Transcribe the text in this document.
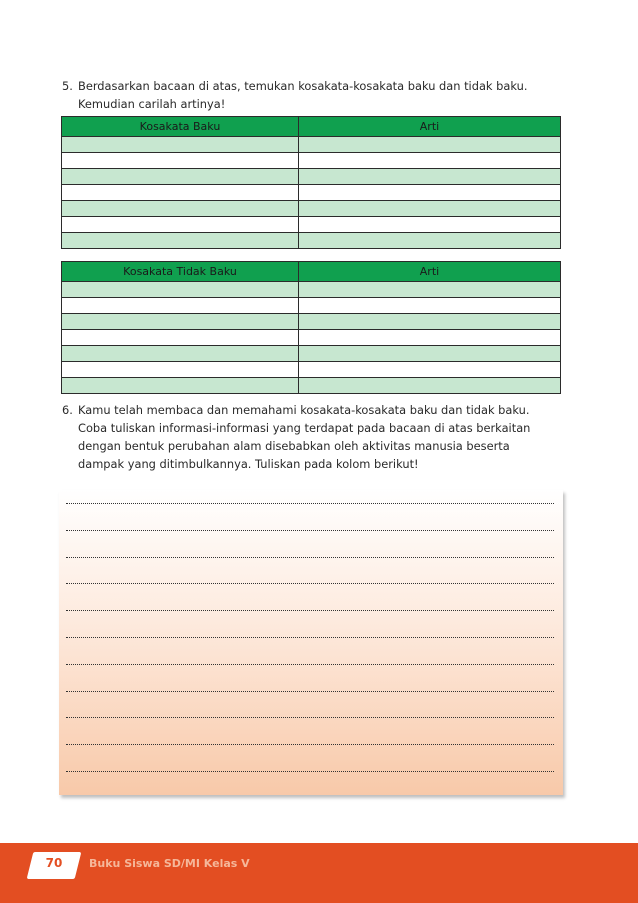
5. Berdasarkan bacaan di atas, temukan kosakata-kosakata baku dan tidak baku.

Kemudian carilah artinya!

Kosakata Baku	Arti

Kosakata Tidak Baku	Arti

6. Kamu telah membaca dan memahami kosakata-kosakata baku dan tidak baku.

Coba tuliskan informasi-informasi yang terdapat pada bacaan di atas berkaitan

dengan bentuk perubahan alam disebabkan oleh aktivitas manusia beserta

dampak yang ditimbulkannya. Tuliskan pada kolom berikut!

70	Buku Siswa SD/MI Kelas V
